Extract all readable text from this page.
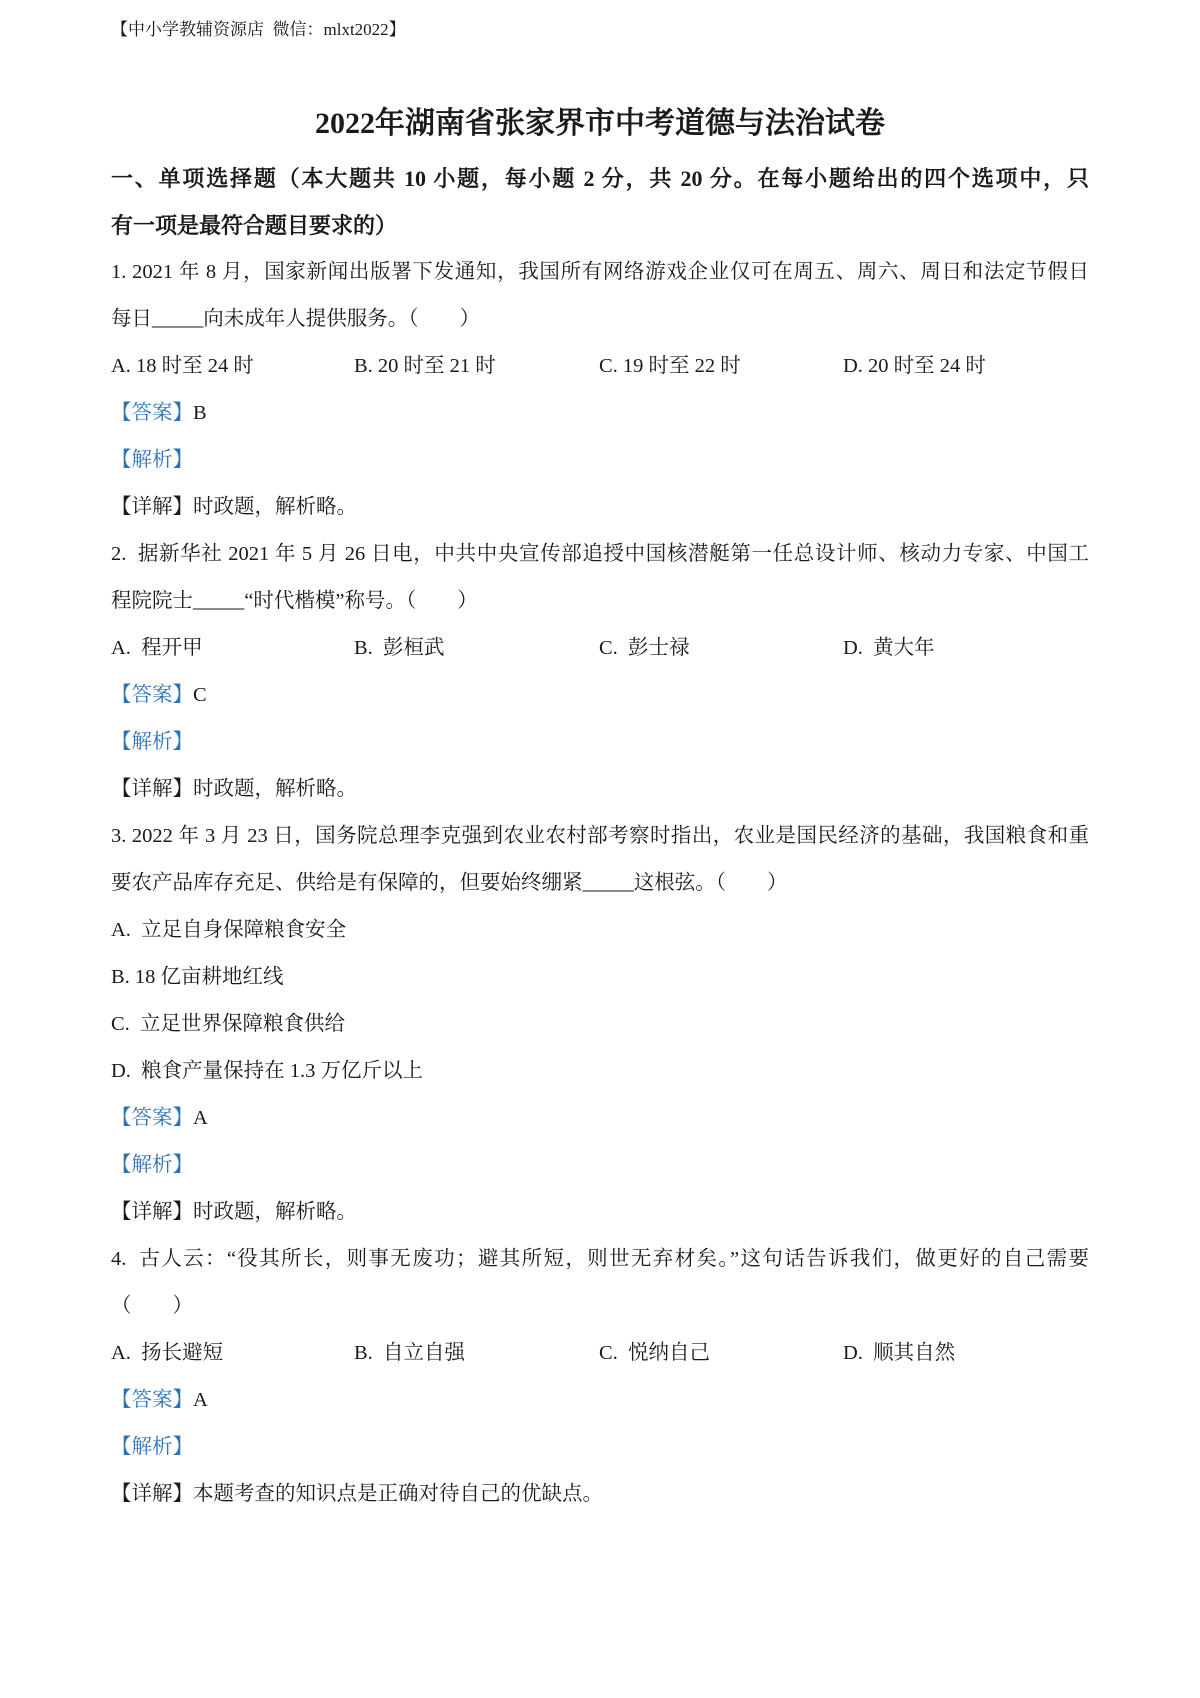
【中小学教辅资源店  微信：mlxt2022】
2022年湖南省张家界市中考道德与法治试卷
一、单项选择题（本大题共 10 小题，每小题 2 分，共 20 分。在每小题给出的四个选项中，只
有一项是最符合题目要求的）
1. 2021 年 8 月，国家新闻出版署下发通知，我国所有网络游戏企业仅可在周五、周六、周日和法定节假日
每日_____向未成年人提供服务。（　　）

A. 18 时至 24 时

	B. 20 时至 21 时

	C. 19 时至 22 时

	D. 20 时至 24 时

【答案】B
【解析】
【详解】时政题，解析略。
2.  据新华社 2021 年 5 月 26 日电，中共中央宣传部追授中国核潜艇第一任总设计师、核动力专家、中国工
程院院士_____“时代楷模”称号。（　　）

A.  程开甲

	B.  彭桓武

	C.  彭士禄

	D.  黄大年

【答案】C
【解析】
【详解】时政题，解析略。
3. 2022 年 3 月 23 日，国务院总理李克强到农业农村部考察时指出，农业是国民经济的基础，我国粮食和重
要农产品库存充足、供给是有保障的，但要始终绷紧_____这根弦。（　　）
A.  立足自身保障粮食安全
B. 18 亿亩耕地红线
C.  立足世界保障粮食供给
D.  粮食产量保持在 1.3 万亿斤以上
【答案】A
【解析】
【详解】时政题，解析略。
4.  古人云：“役其所长，则事无废功；避其所短，则世无弃材矣。”这句话告诉我们，做更好的自己需要
（　　）

A.  扬长避短

	B.  自立自强

	C.  悦纳自己

	D.  顺其自然

【答案】A
【解析】
【详解】本题考查的知识点是正确对待自己的优缺点。
